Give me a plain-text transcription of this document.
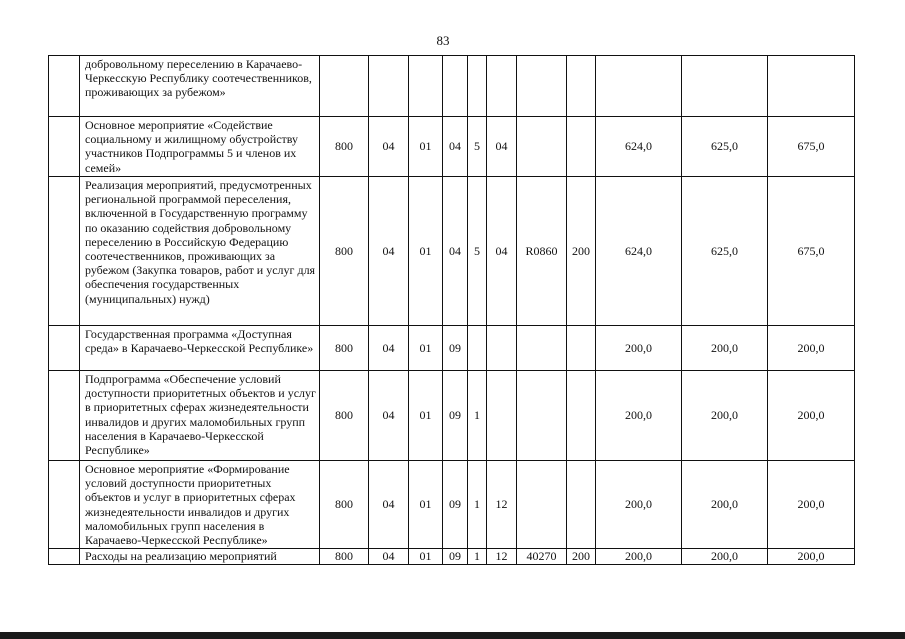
83
	добровольному переселению в Карачаево-Черкесскую Республику соотечественников, проживающих за рубежом»											
	Основное мероприятие «Содействие социальному и жилищному обустройству участников Подпрограммы 5 и членов их семей»	800	04	01	04	5	04			624,0	625,0	675,0
	Реализация мероприятий, предусмотренных региональной программой переселения, включенной в Государственную программу по оказанию содействия добровольному переселению в Российскую Федерацию соотечественников, проживающих за рубежом (Закупка товаров, работ и услуг для обеспечения государственных (муниципальных) нужд)	800	04	01	04	5	04	R0860	200	624,0	625,0	675,0
	Государственная программа «Доступная среда» в Карачаево-Черкесской Республике»	800	04	01	09					200,0	200,0	200,0
	Подпрограмма «Обеспечение условий доступности приоритетных объектов и услуг в приоритетных сферах жизнедеятельности инвалидов и других маломобильных групп населения в Карачаево-Черкесской Республике»	800	04	01	09	1				200,0	200,0	200,0
	Основное мероприятие «Формирование условий доступности приоритетных объектов и услуг в приоритетных сферах жизнедеятельности инвалидов и других маломобильных групп населения в Карачаево-Черкесской Республике»	800	04	01	09	1	12			200,0	200,0	200,0
	Расходы на реализацию мероприятий	800	04	01	09	1	12	40270	200	200,0	200,0	200,0
